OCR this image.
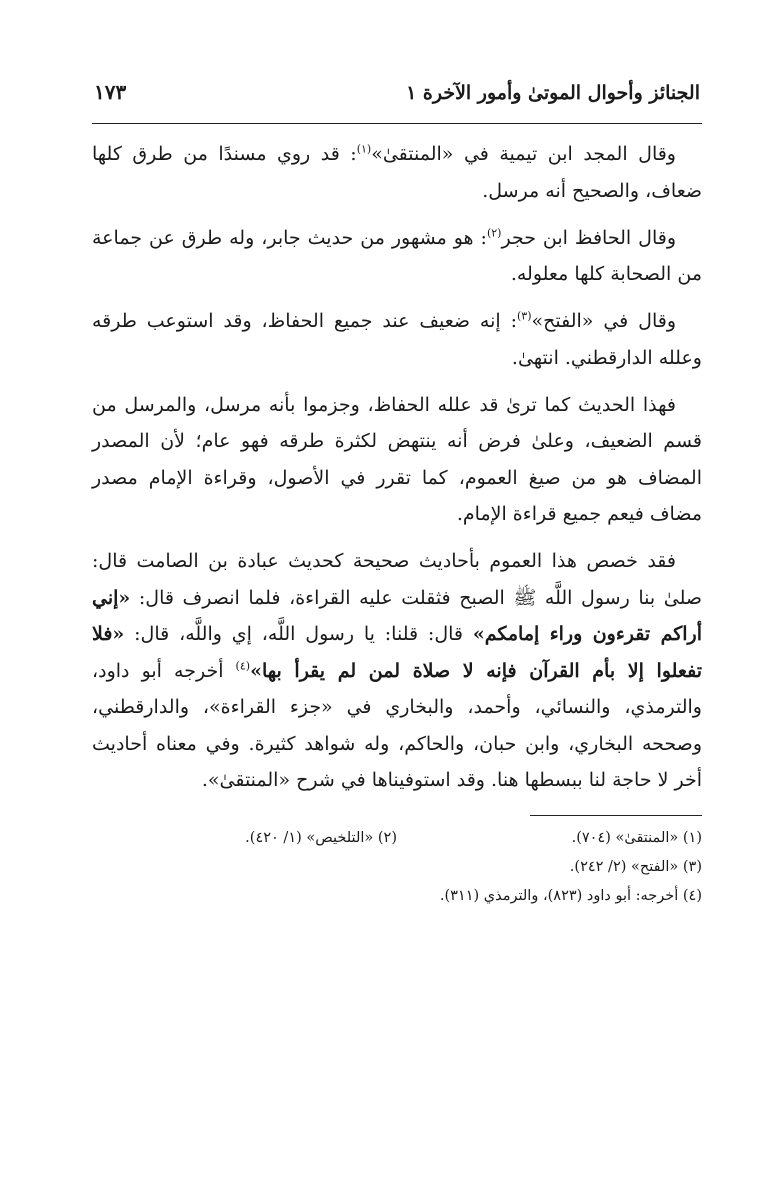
الجنائز وأحوال الموتىٰ وأمور الآخرة ١
١٧٣

وقال المجد ابن تيمية في «المنتقىٰ»$^{(١)}$: قد روي مسندًا من طرق كلها ضعاف، والصحيح أنه مرسل.

وقال الحافظ ابن حجر$^{(٢)}$: هو مشهور من حديث جابر، وله طرق عن جماعة من الصحابة كلها معلوله.

وقال في «الفتح»$^{(٣)}$: إنه ضعيف عند جميع الحفاظ، وقد استوعب طرقه وعلله الدارقطني. انتهىٰ.

فهذا الحديث كما ترىٰ قد علله الحفاظ، وجزموا بأنه مرسل، والمرسل من قسم الضعيف، وعلىٰ فرض أنه ينتهض لكثرة طرقه فهو عام؛ لأن المصدر المضاف هو من صيغ العموم، كما تقرر في الأصول، وقراءة الإمام مصدر مضاف فيعم جميع قراءة الإمام.

فقد خصص هذا العموم بأحاديث صحيحة كحديث عبادة بن الصامت قال: صلىٰ بنا رسول اللَّه ﷺ الصبح فثقلت عليه القراءة، فلما انصرف قال: «إني أراكم تقرءون وراء إمامكم» قال: قلنا: يا رسول اللَّه، إي واللَّه، قال: «فلا تفعلوا إلا بأم القرآن فإنه لا صلاة لمن لم يقرأ بها»$^{(٤)}$ أخرجه أبو داود، والترمذي، والنسائي، وأحمد، والبخاري في «جزء القراءة»، والدارقطني، وصححه البخاري، وابن حبان، والحاكم، وله شواهد كثيرة. وفي معناه أحاديث أخر لا حاجة لنا ببسطها هنا. وقد استوفيناها في شرح «المنتقىٰ».

(١) «المنتقىٰ» (٧٠٤).
(٢) «التلخيص» (١/ ٤٢٠).
(٣) «الفتح» (٢/ ٢٤٢).
(٤) أخرجه: أبو داود (٨٢٣)، والترمذي (٣١١).
